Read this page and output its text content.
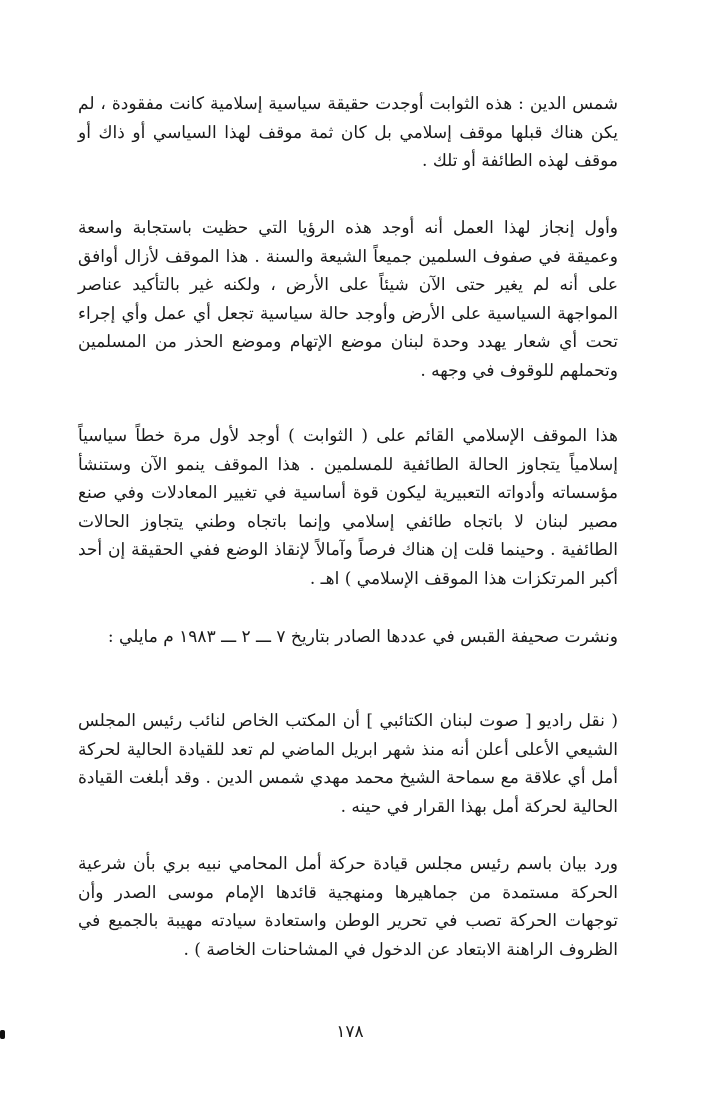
شمس الدين : هذه الثوابت أوجدت حقيقة سياسية إسلامية كانت مفقودة ، لم يكن هناك قبلها موقف إسلامي بل كان ثمة موقف لهذا السياسي أو ذاك أو موقف لهذه الطائفة أو تلك .

وأول إنجاز لهذا العمل أنه أوجد هذه الرؤيا التي حظيت باستجابة واسعة وعميقة في صفوف السلمين جميعاً الشيعة والسنة . هذا الموقف لأزال أوافق على أنه لم يغير حتى الآن شيئاً على الأرض ، ولكنه غير بالتأكيد عناصر المواجهة السياسية على الأرض وأوجد حالة سياسية تجعل أي عمل وأي إجراء تحت أي شعار يهدد وحدة لبنان موضع الإتهام وموضع الحذر من المسلمين وتحملهم للوقوف في وجهه .

هذا الموقف الإسلامي القائم على ( الثوابت ) أوجد لأول مرة خطاً سياسياً إسلامياً يتجاوز الحالة الطائفية للمسلمين . هذا الموقف ينمو الآن وستنشأ مؤسساته وأدواته التعبيرية ليكون قوة أساسية في تغيير المعادلات وفي صنع مصير لبنان لا باتجاه طائفي إسلامي وإنما باتجاه وطني يتجاوز الحالات الطائفية . وحينما قلت إن هناك فرصاً وآمالاً لإنقاذ الوضع ففي الحقيقة إن أحد أكبر المرتكزات هذا الموقف الإسلامي ) اهـ .

ونشرت صحيفة القبس في عددها الصادر بتاريخ ٧ ـــ ٢ ـــ ١٩٨٣ م مايلي :

( نقل راديو [ صوت لبنان الكتائبي ] أن المكتب الخاص لنائب رئيس المجلس الشيعي الأعلى أعلن أنه منذ شهر ابريل الماضي لم تعد للقيادة الحالية لحركة أمل أي علاقة مع سماحة الشيخ محمد مهدي شمس الدين . وقد أبلغت القيادة الحالية لحركة أمل بهذا القرار في حينه .

ورد بيان باسم رئيس مجلس قيادة حركة أمل المحامي نبيه بري بأن شرعية الحركة مستمدة من جماهيرها ومنهجية قائدها الإمام موسى الصدر وأن توجهات الحركة تصب في تحرير الوطن واستعادة سيادته مهيبة بالجميع في الظروف الراهنة الابتعاد عن الدخول في المشاحنات الخاصة ) .

١٧٨
